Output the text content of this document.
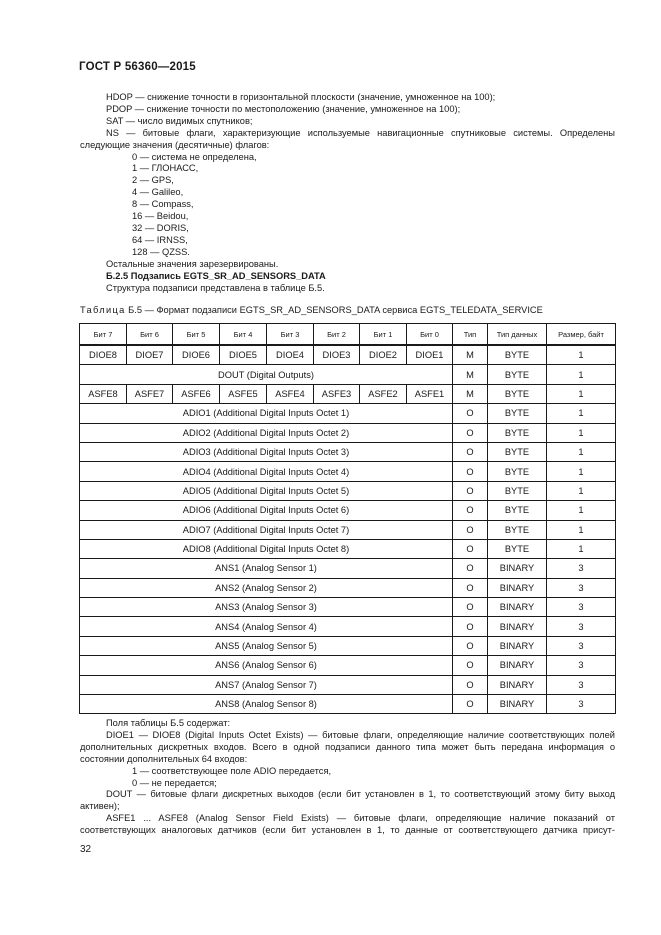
ГОСТ Р 56360—2015
HDOP — снижение точности в горизонтальной плоскости (значение, умноженное на 100);
PDOP — снижение точности по местоположению (значение, умноженное на 100);
SAT — число видимых спутников;
NS — битовые флаги, характеризующие используемые навигационные спутниковые системы. Определены следующие значения (десятичные) флагов:
0 — система не определена,
1 — ГЛОНАСС,
2 — GPS,
4 — Galileo,
8 — Compass,
16 — Beidou,
32 — DORIS,
64 — IRNSS,
128 — QZSS.
Остальные значения зарезервированы.
Б.2.5 Подзапись EGTS_SR_AD_SENSORS_DATA
Структура подзаписи представлена в таблице Б.5.
Таблица Б.5 — Формат подзаписи EGTS_SR_AD_SENSORS_DATA сервиса EGTS_TELEDATA_SERVICE
Бит 7	Бит 6	Бит 5	Бит 4	Бит 3	Бит 2	Бит 1	Бит 0	Тип	Тип данных	Размер, байт
DIOE8	DIOE7	DIOE6	DIOE5	DIOE4	DIOE3	DIOE2	DIOE1	M	BYTE	1
DOUT (Digital Outputs)								M	BYTE	1
ASFE8	ASFE7	ASFE6	ASFE5	ASFE4	ASFE3	ASFE2	ASFE1	M	BYTE	1
ADIO1 (Additional Digital Inputs Octet 1)								O	BYTE	1
ADIO2 (Additional Digital Inputs Octet 2)								O	BYTE	1
ADIO3 (Additional Digital Inputs Octet 3)								O	BYTE	1
ADIO4 (Additional Digital Inputs Octet 4)								O	BYTE	1
ADIO5 (Additional Digital Inputs Octet 5)								O	BYTE	1
ADIO6 (Additional Digital Inputs Octet 6)								O	BYTE	1
ADIO7 (Additional Digital Inputs Octet 7)								O	BYTE	1
ADIO8 (Additional Digital Inputs Octet 8)								O	BYTE	1
ANS1 (Analog Sensor 1)								O	BINARY	3
ANS2 (Analog Sensor 2)								O	BINARY	3
ANS3 (Analog Sensor 3)								O	BINARY	3
ANS4 (Analog Sensor 4)								O	BINARY	3
ANS5 (Analog Sensor 5)								O	BINARY	3
ANS6 (Analog Sensor 6)								O	BINARY	3
ANS7 (Analog Sensor 7)								O	BINARY	3
ANS8 (Analog Sensor 8)								O	BINARY	3
Поля таблицы Б.5 содержат:
DIOE1 — DIOE8 (Digital Inputs Octet Exists) — битовые флаги, определяющие наличие соответствующих полей дополнительных дискретных входов. Всего в одной подзаписи данного типа может быть передана информация о состоянии дополнительных 64 входов:
1 — соответствующее поле ADIO передается,
0 — не передается;
DOUT — битовые флаги дискретных выходов (если бит установлен в 1, то соответствующий этому биту выход активен);
ASFE1 ... ASFE8 (Analog Sensor Field Exists) — битовые флаги, определяющие наличие показаний от соответствующих аналоговых датчиков (если бит установлен в 1, то данные от соответствующего датчика присут-
32
